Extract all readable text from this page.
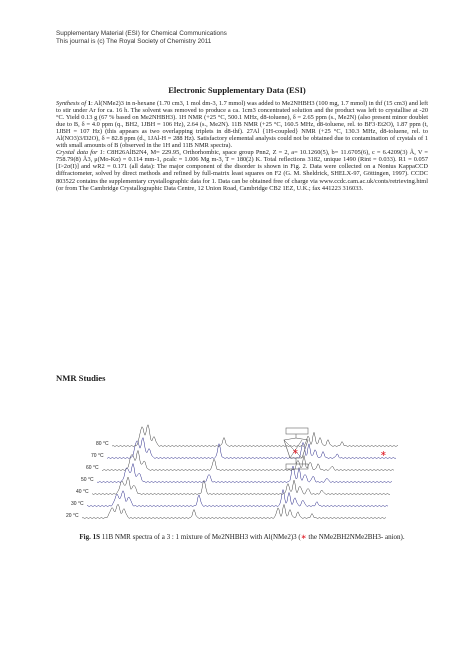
Supplementary Material (ESI) for Chemical Communications
This journal is (c) The Royal Society of Chemistry 2011
Electronic Supplementary Data (ESI)

Synthesis of 1: Al(NMe2)3 in n-hexane (1.70 cm3, 1 mol dm-3, 1.7 mmol) was added to Me2NHBH3 (100 mg, 1.7 mmol) in thf (15 cm3) and left to stir under Ar for ca. 16 h. The solvent was removed to produce a ca. 1cm3 concentrated solution and the product was left to crystallise at -20 °C. Yield 0.13 g (67 % based on Me2NHBH3). 1H NMR (+25 °C, 500.1 MHz, d8-toluene), δ = 2.65 ppm (s., Me2N) (also present minor doublet due to B, δ = 4.0 ppm (q., BH2, 1JBH = 106 Hz), 2.64 (s., Me2N). 11B NMR (+25 °C, 160.5 MHz, d8-toluene, rel. to BF3·Et2O), 1.87 ppm (t, 1JBH = 107 Hz) (this appears as two overlapping triplets in d8-thf). 27Al {1H-coupled} NMR (+25 °C, 130.3 MHz, d8-toluene, rel. to Al(NO3)3/D2O), δ = 82.8 ppm (d., 1JAl-H = 288 Hz). Satisfactory elemental analysis could not be obtained due to contamination of crystals of 1 with small amounts of B (observed in the 1H and 11B NMR spectra).

Crystal data for 1: C8H26AlB2N4, M= 229.95, Orthorhombic, space group Pnn2, Z = 2, a= 10.1260(5), b= 11.6705(6), c = 6.4209(3) Å, V = 758.79(8) Å3, μ(Mo-Kα) = 0.114 mm-1, ρcalc = 1.006 Mg m-3, T = 180(2) K. Total reflections 3182, unique 1490 (Rint = 0.033). R1 = 0.057 [I>2σ(I)] and wR2 = 0.171 (all data): The major component of the disorder is shown in Fig. 2. Data were collected on a Nonius KappaCCD diffractometer, solved by direct methods and refined by full-matrix least squares on F2 (G. M. Sheldrick, SHELX-97, Göttingen, 1997). CCDC 803522 contains the supplementary crystallographic data for 1. Data can be obtained free of charge via www.ccdc.cam.ac.uk/conts/retrieving.html (or from The Cambridge Crystallographic Data Centre, 12 Union Road, Cambridge CB2 1EZ, U.K.; fax 441223 316033.

NMR Studies
20 °C
30 °C
40 °C
50 °C
60 °C
70 °C
80 °C
∗	∗
Fig. 1S 11B NMR spectra of a 3 : 1 mixture of Me2NHBH3 with Al(NMe2)3 (∗ the NMe2BH2NMe2BH3- anion).
